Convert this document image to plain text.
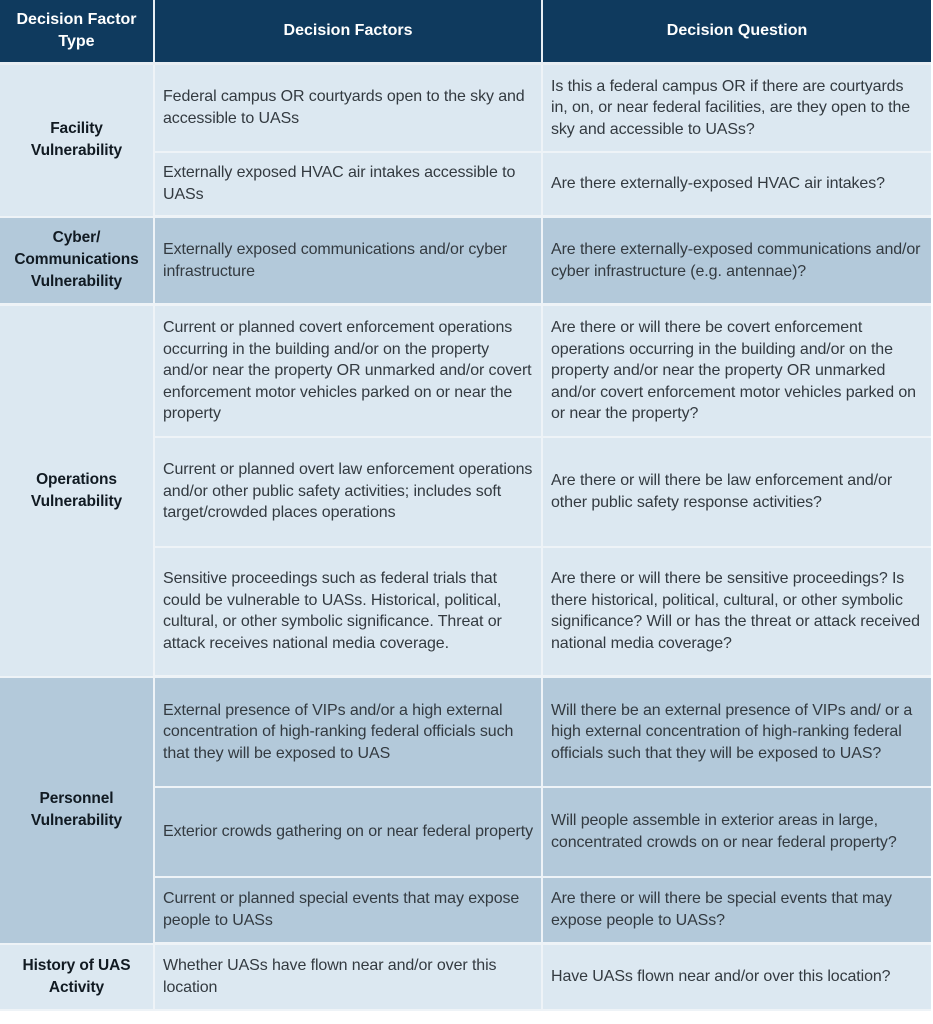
Decision Factor Type	Decision Factors	Decision Question
Facility Vulnerability	Federal campus OR courtyards open to the sky and accessible to UASs	Is this a federal campus OR if there are courtyards in, on, or near federal facilities, are they open to the sky and accessible to UASs?
	Externally exposed HVAC air intakes accessible to UASs	Are there externally-exposed HVAC air intakes?
Cyber/ Communications Vulnerability	Externally exposed communications and/or cyber infrastructure	Are there externally-exposed communications and/or cyber infrastructure (e.g. antennae)?
Operations Vulnerability	Current or planned covert enforcement operations occurring in the building and/or on the property and/or near the property OR unmarked and/or covert enforcement motor vehicles parked on or near the property	Are there or will there be covert enforcement operations occurring in the building and/or on the property and/or near the property OR unmarked and/or covert enforcement motor vehicles parked on or near the property?
	Current or planned overt law enforcement operations and/or other public safety activities; includes soft target/crowded places operations	Are there or will there be law enforcement and/or other public safety response activities?
	Sensitive proceedings such as federal trials that could be vulnerable to UASs. Historical, political, cultural, or other symbolic significance. Threat or attack receives national media coverage.	Are there or will there be sensitive proceedings? Is there historical, political, cultural, or other symbolic significance? Will or has the threat or attack received national media coverage?
Personnel Vulnerability	External presence of VIPs and/or a high external concentration of high-ranking federal officials such that they will be exposed to UAS	Will there be an external presence of VIPs and/ or a high external concentration of high-ranking federal officials such that they will be exposed to UAS?
	Exterior crowds gathering on or near federal property	Will people assemble in exterior areas in large, concentrated crowds on or near federal property?
	Current or planned special events that may expose people to UASs	Are there or will there be special events that may expose people to UASs?
History of UAS Activity	Whether UASs have flown near and/or over this location	Have UASs flown near and/or over this location?
